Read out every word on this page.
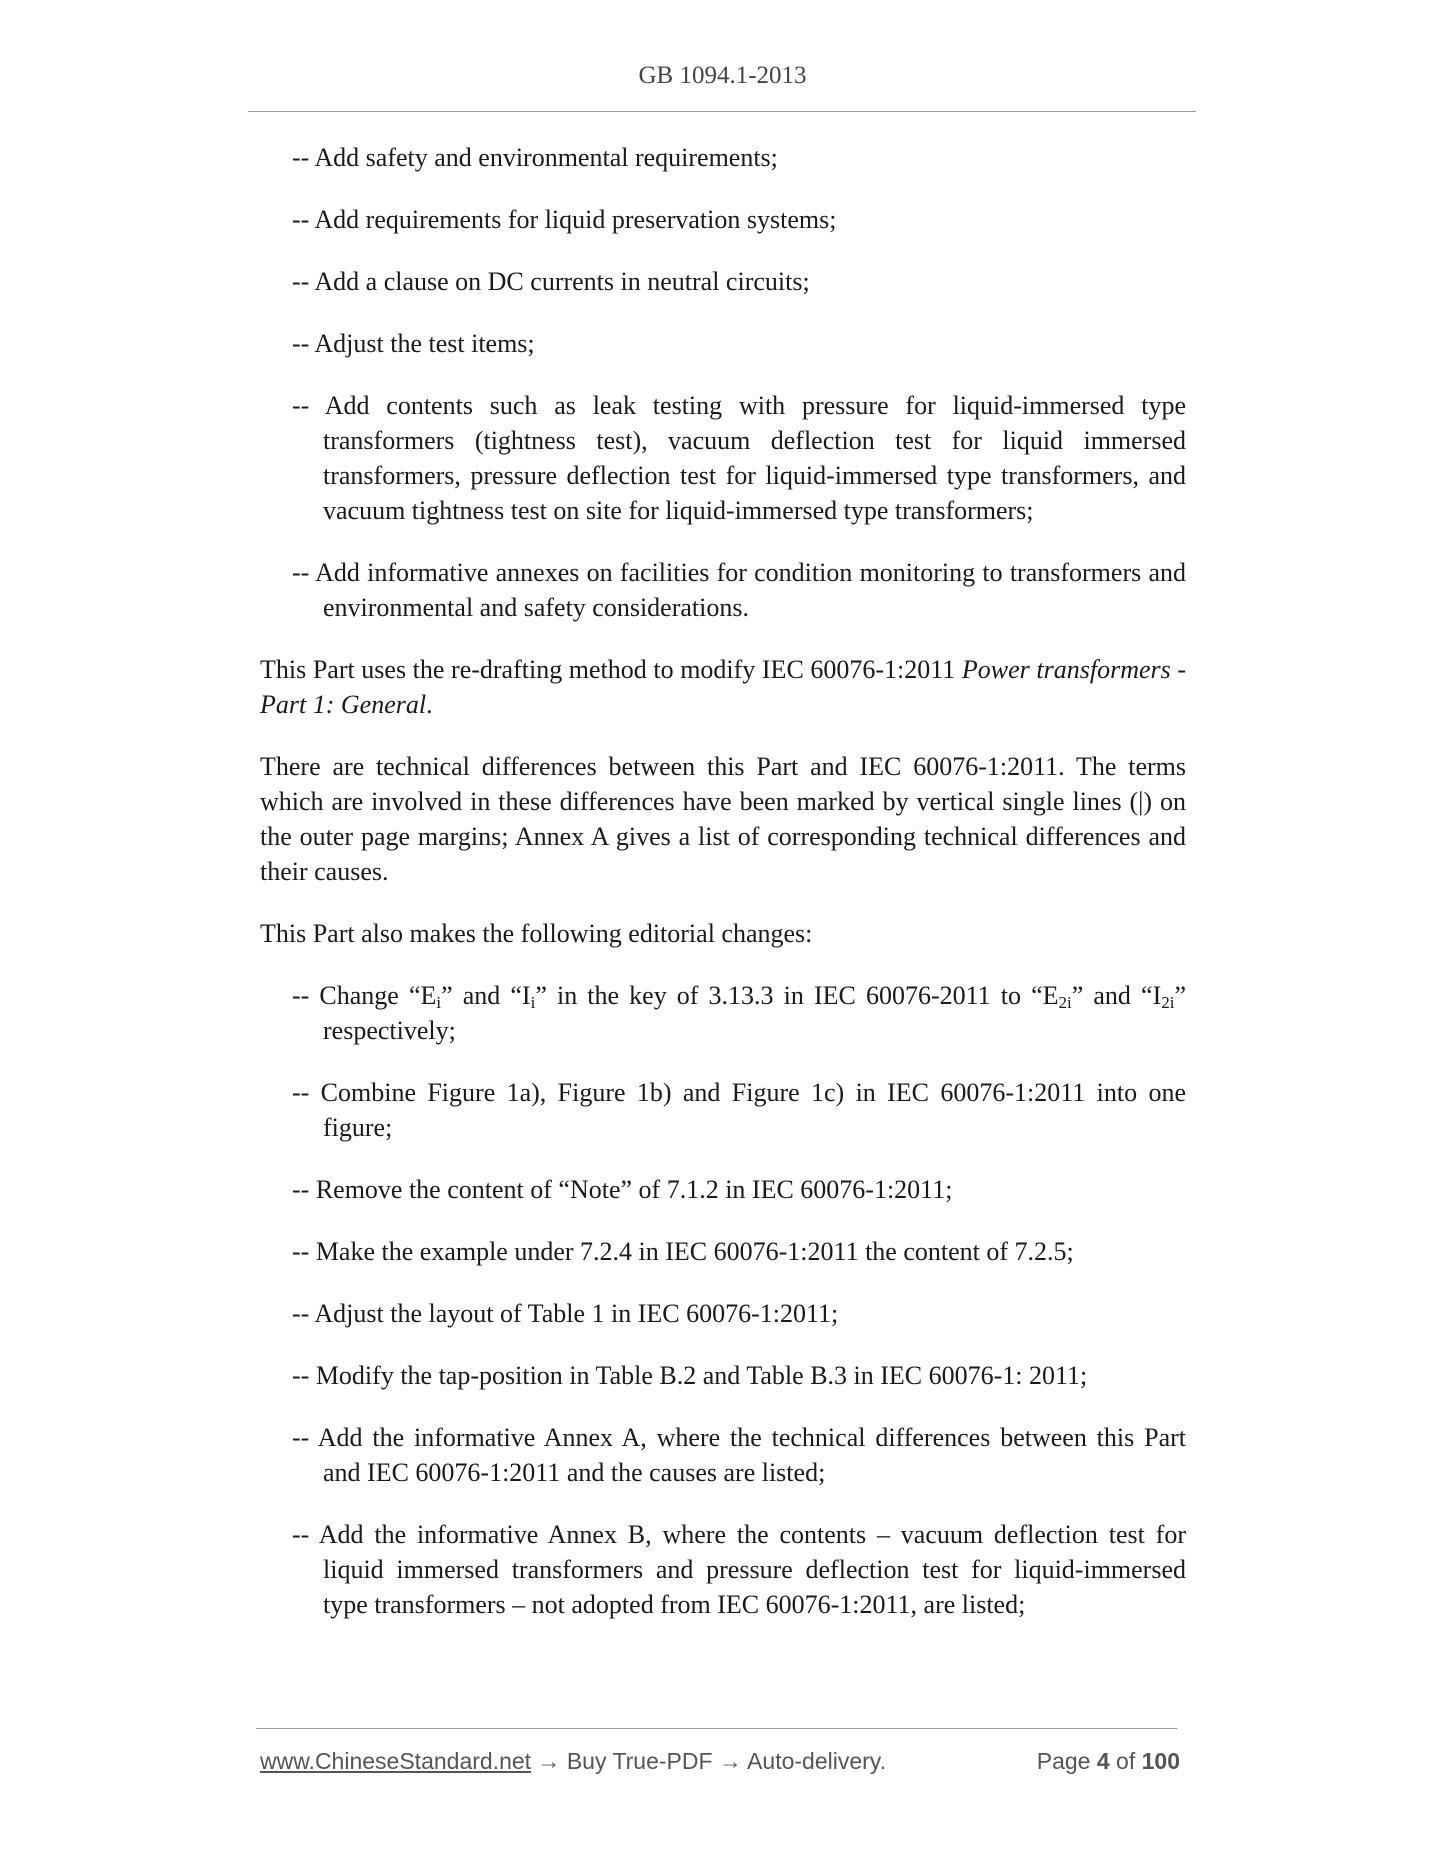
GB 1094.1-2013
-- Add safety and environmental requirements;
-- Add requirements for liquid preservation systems;
-- Add a clause on DC currents in neutral circuits;
-- Adjust the test items;
-- Add contents such as leak testing with pressure for liquid-immersed type transformers (tightness test), vacuum deflection test for liquid immersed transformers, pressure deflection test for liquid-immersed type transformers, and vacuum tightness test on site for liquid-immersed type transformers;
-- Add informative annexes on facilities for condition monitoring to transformers and environmental and safety considerations.
This Part uses the re-drafting method to modify IEC 60076-1:2011 Power transformers - Part 1: General.
There are technical differences between this Part and IEC 60076-1:2011. The terms which are involved in these differences have been marked by vertical single lines (|) on the outer page margins; Annex A gives a list of corresponding technical differences and their causes.
This Part also makes the following editorial changes:
-- Change “$E_i$” and “$I_i$” in the key of 3.13.3 in IEC 60076-2011 to “$E_{2i}$” and “$I_{2i}$” respectively;
-- Combine Figure 1a), Figure 1b) and Figure 1c) in IEC 60076-1:2011 into one figure;
-- Remove the content of “Note” of 7.1.2 in IEC 60076-1:2011;
-- Make the example under 7.2.4 in IEC 60076-1:2011 the content of 7.2.5;
-- Adjust the layout of Table 1 in IEC 60076-1:2011;
-- Modify the tap-position in Table B.2 and Table B.3 in IEC 60076-1: 2011;
-- Add the informative Annex A, where the technical differences between this Part and IEC 60076-1:2011 and the causes are listed;
-- Add the informative Annex B, where the contents – vacuum deflection test for liquid immersed transformers and pressure deflection test for liquid-immersed type transformers – not adopted from IEC 60076-1:2011, are listed;
www.ChineseStandard.net → Buy True-PDF → Auto-delivery.	Page 4 of 100
